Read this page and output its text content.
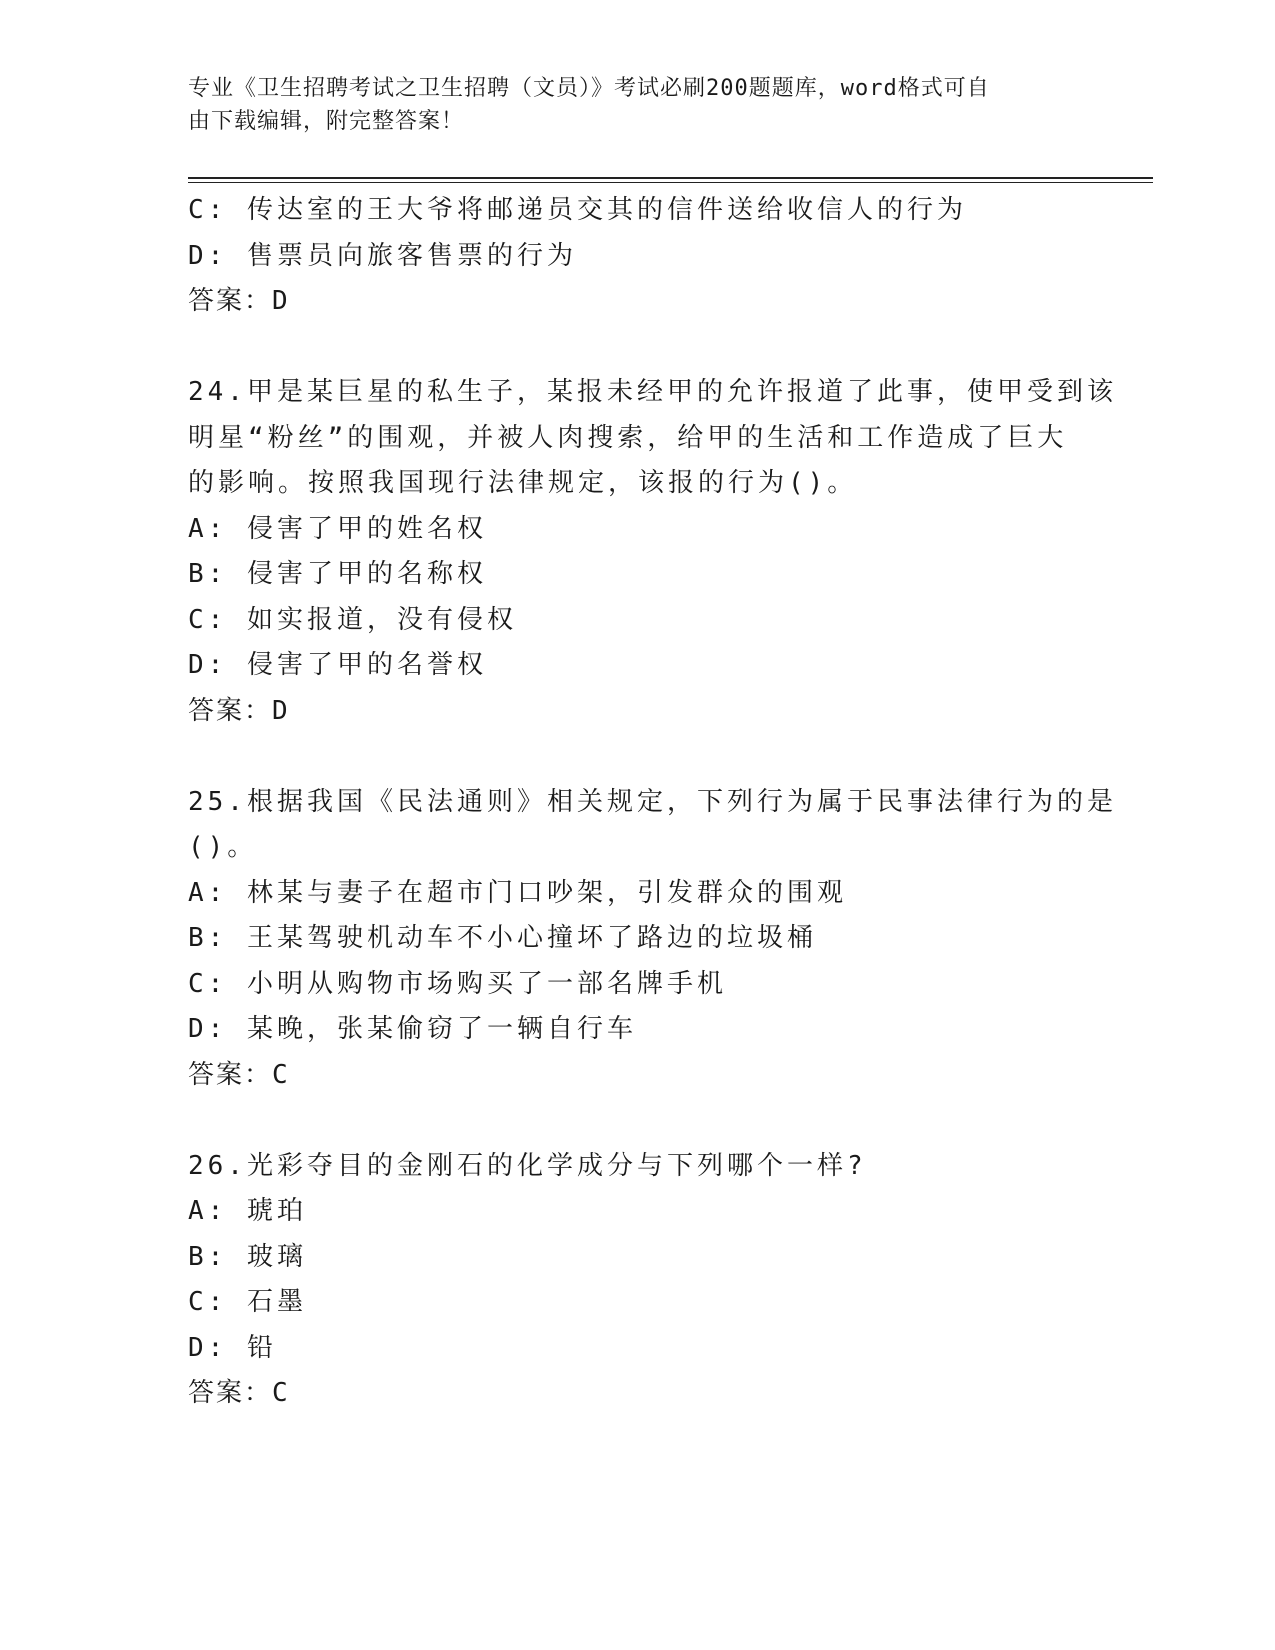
专业《卫生招聘考试之卫生招聘（文员）》考试必刷200题题库，word格式可自
由下载编辑，附完整答案！
C: 传达室的王大爷将邮递员交其的信件送给收信人的行为
D: 售票员向旅客售票的行为
答案：D
24.甲是某巨星的私生子，某报未经甲的允许报道了此事，使甲受到该
明星“粉丝”的围观，并被人肉搜索，给甲的生活和工作造成了巨大
的影响。按照我国现行法律规定，该报的行为()。
A: 侵害了甲的姓名权
B: 侵害了甲的名称权
C: 如实报道，没有侵权
D: 侵害了甲的名誉权
答案：D
25.根据我国《民法通则》相关规定，下列行为属于民事法律行为的是
()。
A: 林某与妻子在超市门口吵架，引发群众的围观
B: 王某驾驶机动车不小心撞坏了路边的垃圾桶
C: 小明从购物市场购买了一部名牌手机
D: 某晚，张某偷窃了一辆自行车
答案：C
26.光彩夺目的金刚石的化学成分与下列哪个一样?
A: 琥珀
B: 玻璃
C: 石墨
D: 铅
答案：C
